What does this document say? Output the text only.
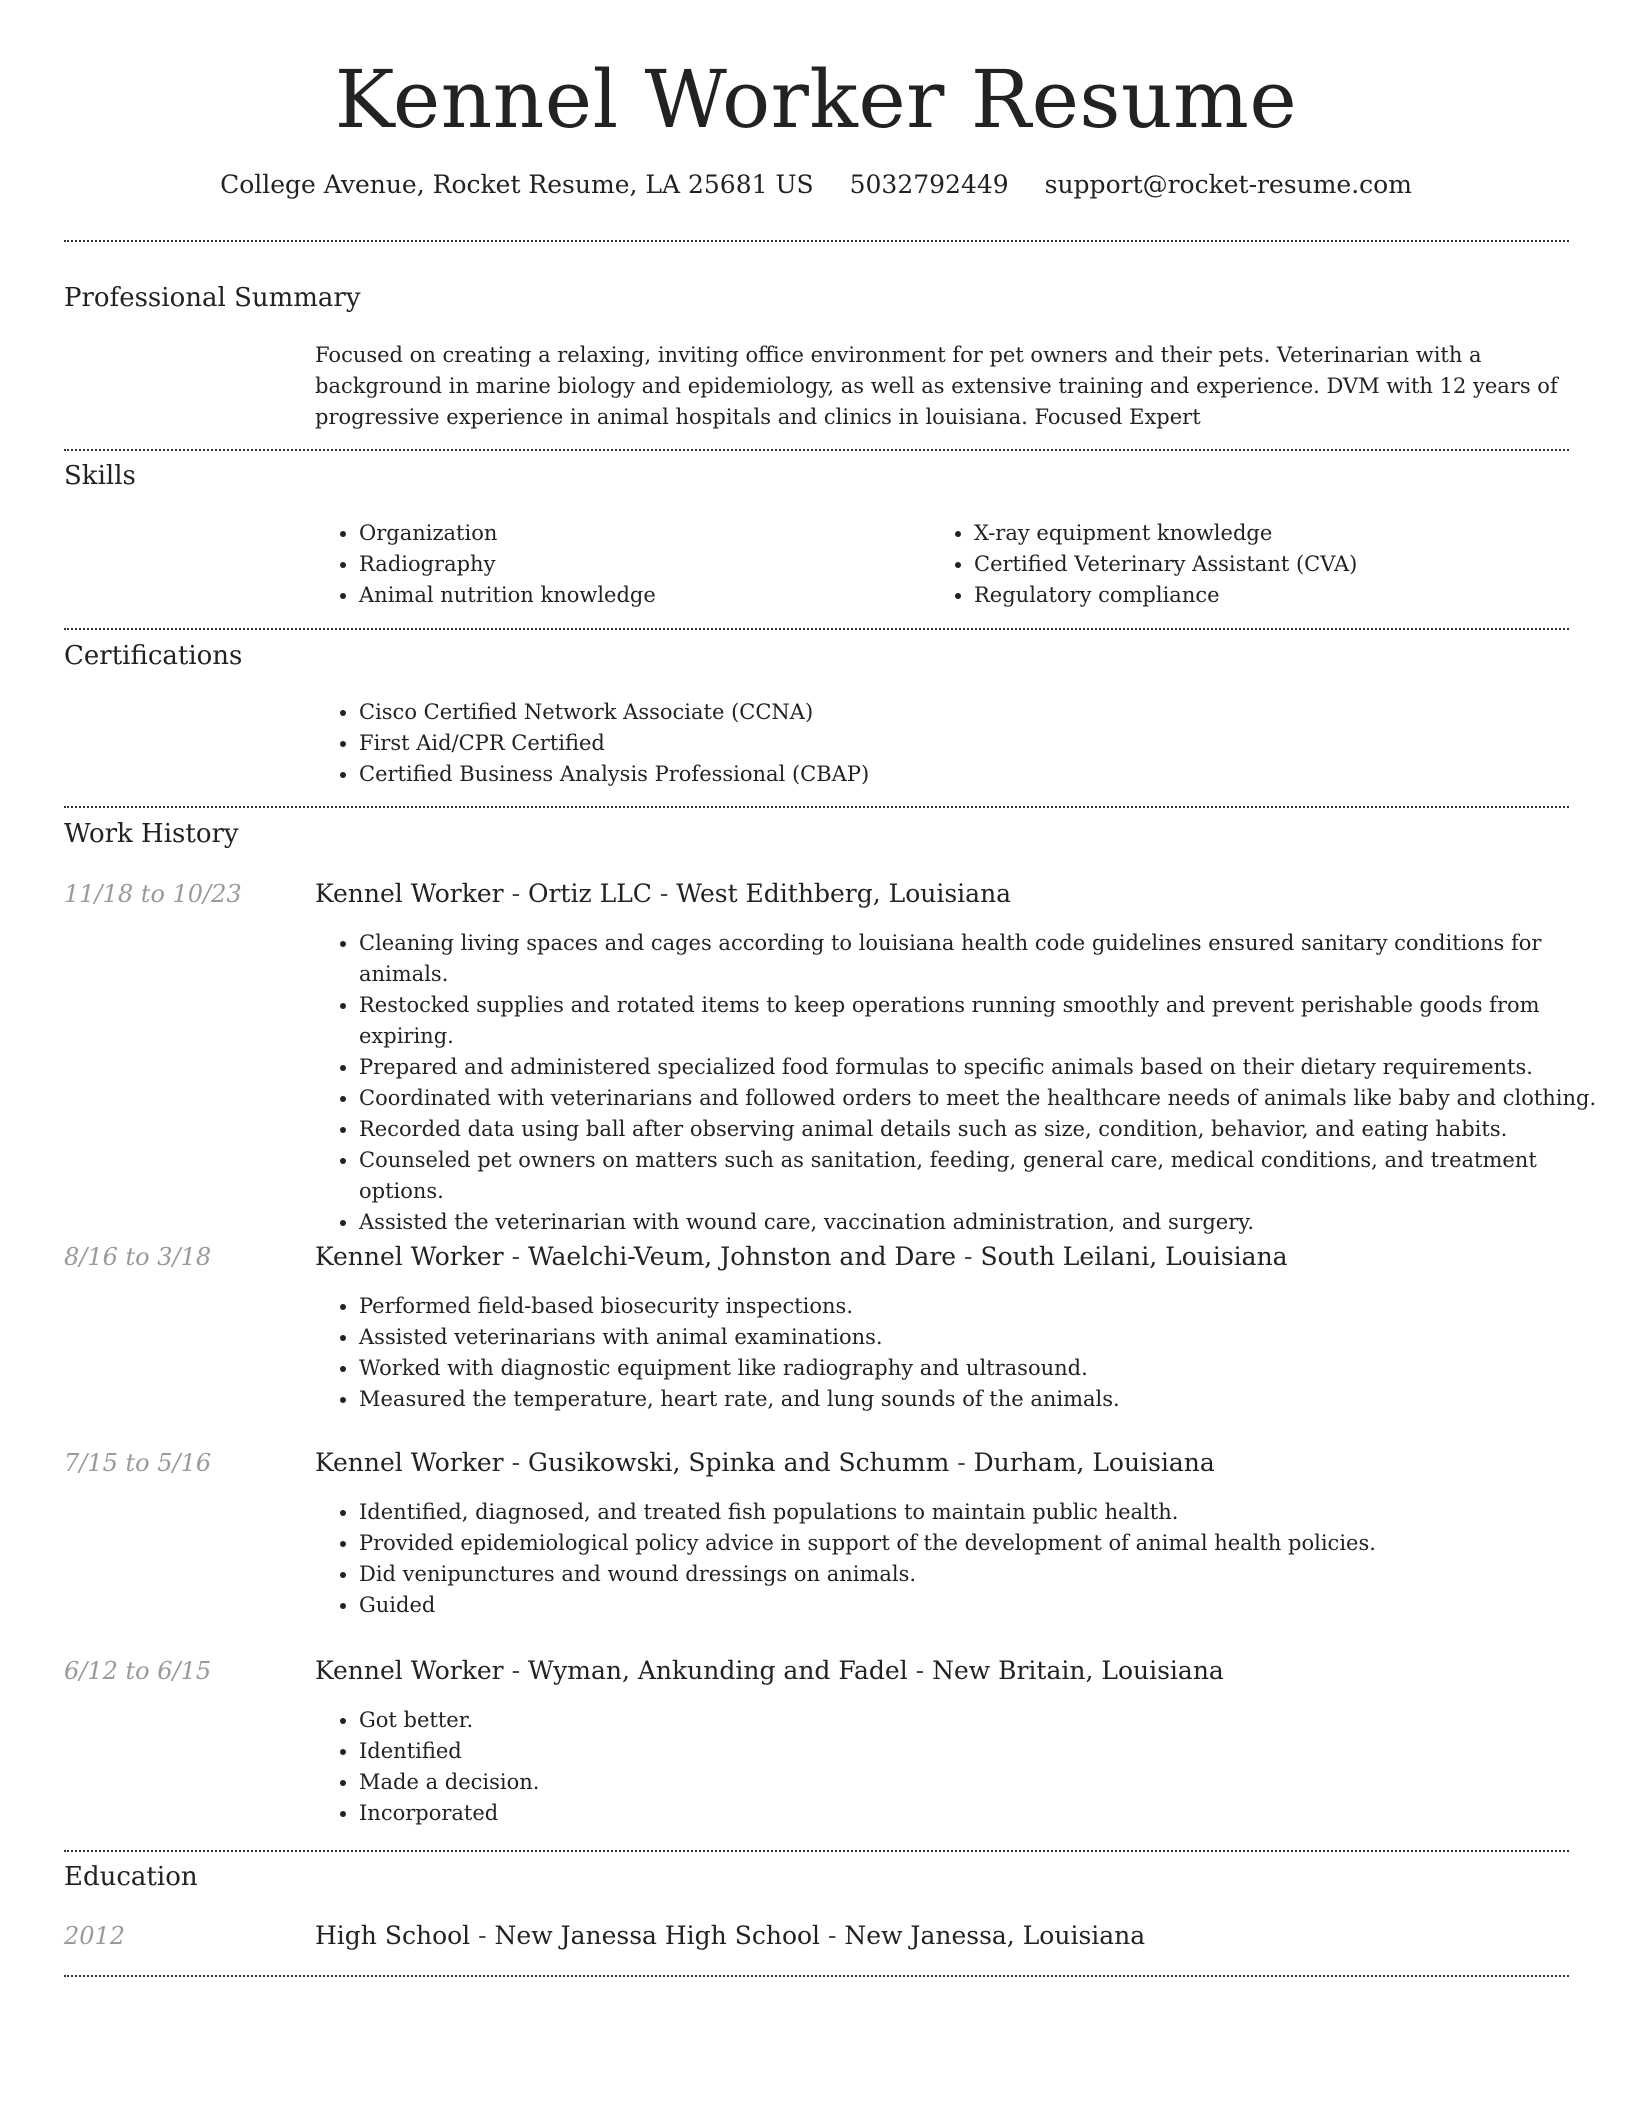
Kennel Worker Resume
College Avenue, Rocket Resume, LA 25681 US 5032792449 support@rocket-resume.com
Professional Summary

Focused on creating a relaxing, inviting office environment for pet owners and their pets. Veterinarian with a background in marine biology and epidemiology, as well as extensive training and experience. DVM with 12 years of progressive experience in animal hospitals and clinics in louisiana. Focused Expert

Skills
• Organization
• Radiography
• Animal nutrition knowledge
• X-ray equipment knowledge
• Certified Veterinary Assistant (CVA)
• Regulatory compliance
Certifications
• Cisco Certified Network Associate (CCNA)
• First Aid/CPR Certified
• Certified Business Analysis Professional (CBAP)
Work History
11/18 to 10/23	Kennel Worker - Ortiz LLC - West Edithberg, Louisiana
• Cleaning living spaces and cages according to louisiana health code guidelines ensured sanitary conditions for animals.
• Restocked supplies and rotated items to keep operations running smoothly and prevent perishable goods from expiring.
• Prepared and administered specialized food formulas to specific animals based on their dietary requirements.
• Coordinated with veterinarians and followed orders to meet the healthcare needs of animals like baby and clothing.
• Recorded data using ball after observing animal details such as size, condition, behavior, and eating habits.
• Counseled pet owners on matters such as sanitation, feeding, general care, medical conditions, and treatment options.
• Assisted the veterinarian with wound care, vaccination administration, and surgery.
8/16 to 3/18	Kennel Worker - Waelchi-Veum, Johnston and Dare - South Leilani, Louisiana
• Performed field-based biosecurity inspections.
• Assisted veterinarians with animal examinations.
• Worked with diagnostic equipment like radiography and ultrasound.
• Measured the temperature, heart rate, and lung sounds of the animals.
7/15 to 5/16	Kennel Worker - Gusikowski, Spinka and Schumm - Durham, Louisiana
• Identified, diagnosed, and treated fish populations to maintain public health.
• Provided epidemiological policy advice in support of the development of animal health policies.
• Did venipunctures and wound dressings on animals.
• Guided
6/12 to 6/15	Kennel Worker - Wyman, Ankunding and Fadel - New Britain, Louisiana
• Got better.
• Identified
• Made a decision.
• Incorporated
Education
2012	High School - New Janessa High School - New Janessa, Louisiana
